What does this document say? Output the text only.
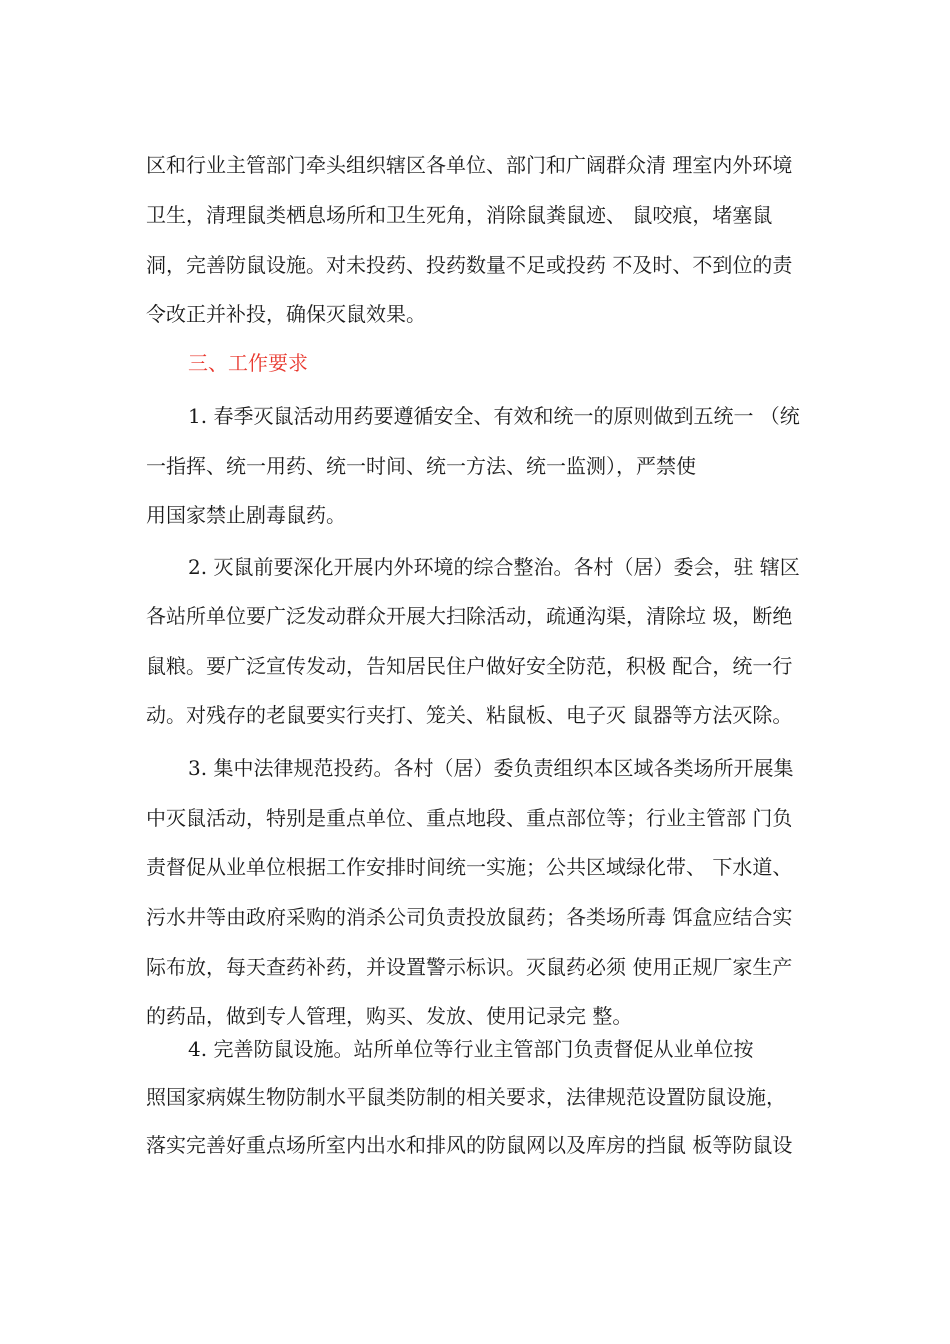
区和行业主管部门牵头组织辖区各单位、部门和广阔群众清 理室内外环境
卫生，清理鼠类栖息场所和卫生死角，消除鼠粪鼠迹、 鼠咬痕，堵塞鼠
洞，完善防鼠设施。对未投药、投药数量不足或投药 不及时、不到位的责
令改正并补投，确保灭鼠效果。
三、工作要求
1. 春季灭鼠活动用药要遵循安全、有效和统一的原则做到五统一 （统
一指挥、统一用药、统一时间、统一方法、统一监测），严禁使
用国家禁止剧毒鼠药。
2. 灭鼠前要深化开展内外环境的综合整治。各村（居）委会，驻 辖区
各站所单位要广泛发动群众开展大扫除活动，疏通沟渠，清除垃 圾，断绝
鼠粮。要广泛宣传发动，告知居民住户做好安全防范，积极 配合，统一行
动。对残存的老鼠要实行夹打、笼关、粘鼠板、电子灭 鼠器等方法灭除。
3. 集中法律规范投药。各村（居）委负责组织本区域各类场所开展集
中灭鼠活动，特别是重点单位、重点地段、重点部位等；行业主管部 门负
责督促从业单位根据工作安排时间统一实施；公共区域绿化带、 下水道、
污水井等由政府采购的消杀公司负责投放鼠药；各类场所毒 饵盒应结合实
际布放，每天查药补药，并设置警示标识。灭鼠药必须 使用正规厂家生产
的药品，做到专人管理，购买、发放、使用记录完 整。
4. 完善防鼠设施。站所单位等行业主管部门负责督促从业单位按
照国家病媒生物防制水平鼠类防制的相关要求，法律规范设置防鼠设施，
落实完善好重点场所室内出水和排风的防鼠网以及库房的挡鼠 板等防鼠设
